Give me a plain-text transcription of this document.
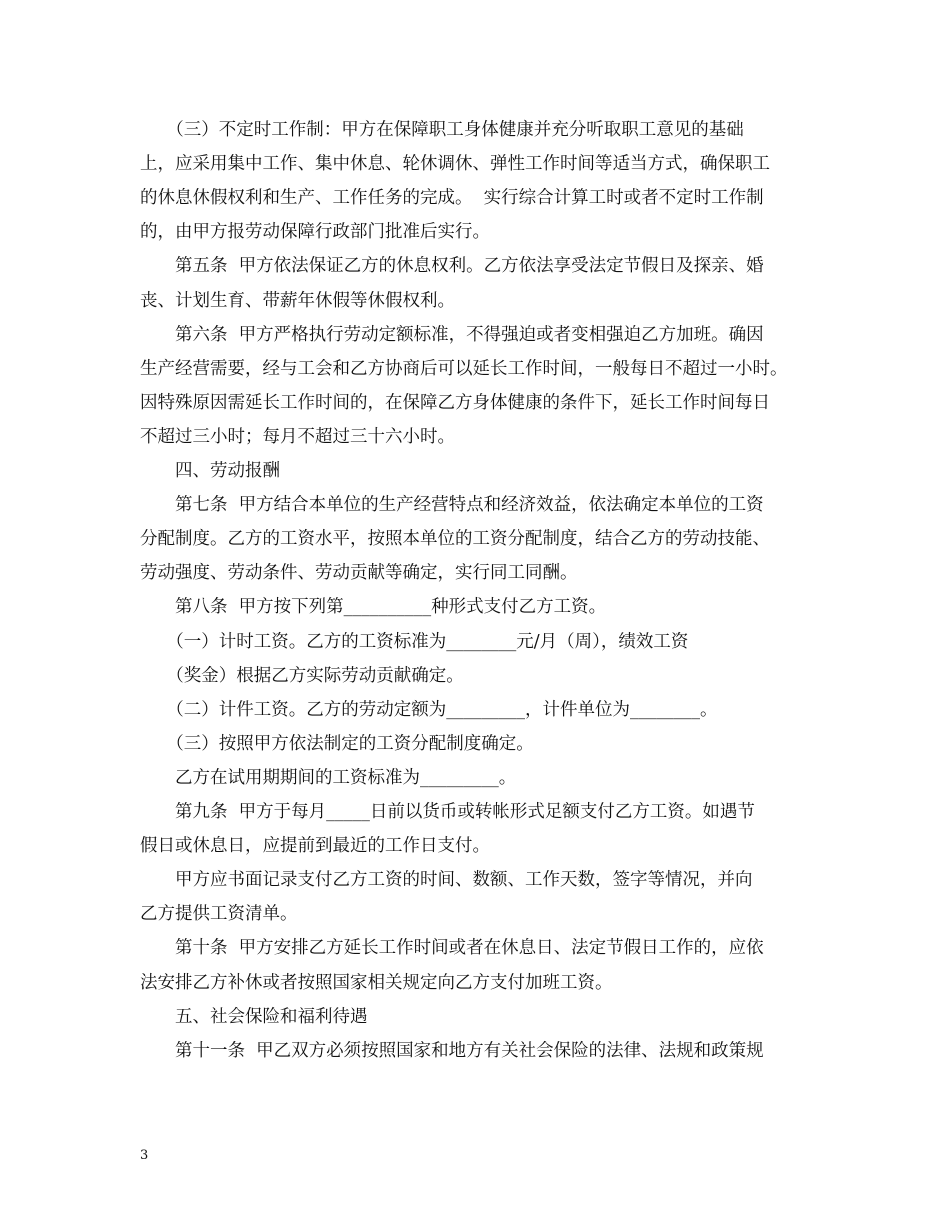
　　（三）不定时工作制：甲方在保障职工身体健康并充分听取职工意见的基础
上，应采用集中工作、集中休息、轮休调休、弹性工作时间等适当方式，确保职工
的休息休假权利和生产、工作任务的完成。  实行综合计算工时或者不定时工作制
的，由甲方报劳动保障行政部门批准后实行。
　　第五条  甲方依法保证乙方的休息权利。乙方依法享受法定节假日及探亲、婚
丧、计划生育、带薪年休假等休假权利。
　　第六条  甲方严格执行劳动定额标准，不得强迫或者变相强迫乙方加班。确因
生产经营需要，经与工会和乙方协商后可以延长工作时间，一般每日不超过一小时。
因特殊原因需延长工作时间的，在保障乙方身体健康的条件下，延长工作时间每日
不超过三小时；每月不超过三十六小时。
　　四、劳动报酬
　　第七条  甲方结合本单位的生产经营特点和经济效益，依法确定本单位的工资
分配制度。乙方的工资水平，按照本单位的工资分配制度，结合乙方的劳动技能、
劳动强度、劳动条件、劳动贡献等确定，实行同工同酬。
　　第八条  甲方按下列第__________种形式支付乙方工资。
　　（一）计时工资。乙方的工资标准为________元/月（周），绩效工资
　　（奖金）根据乙方实际劳动贡献确定。
　　（二）计件工资。乙方的劳动定额为_________，计件单位为________。
　　（三）按照甲方依法制定的工资分配制度确定。
　　乙方在试用期期间的工资标准为_________。
　　第九条  甲方于每月_____日前以货币或转帐形式足额支付乙方工资。如遇节
假日或休息日，应提前到最近的工作日支付。
　　甲方应书面记录支付乙方工资的时间、数额、工作天数，签字等情况，并向
乙方提供工资清单。
　　第十条  甲方安排乙方延长工作时间或者在休息日、法定节假日工作的，应依
法安排乙方补休或者按照国家相关规定向乙方支付加班工资。
　　五、社会保险和福利待遇
　　第十一条  甲乙双方必须按照国家和地方有关社会保险的法律、法规和政策规
3
